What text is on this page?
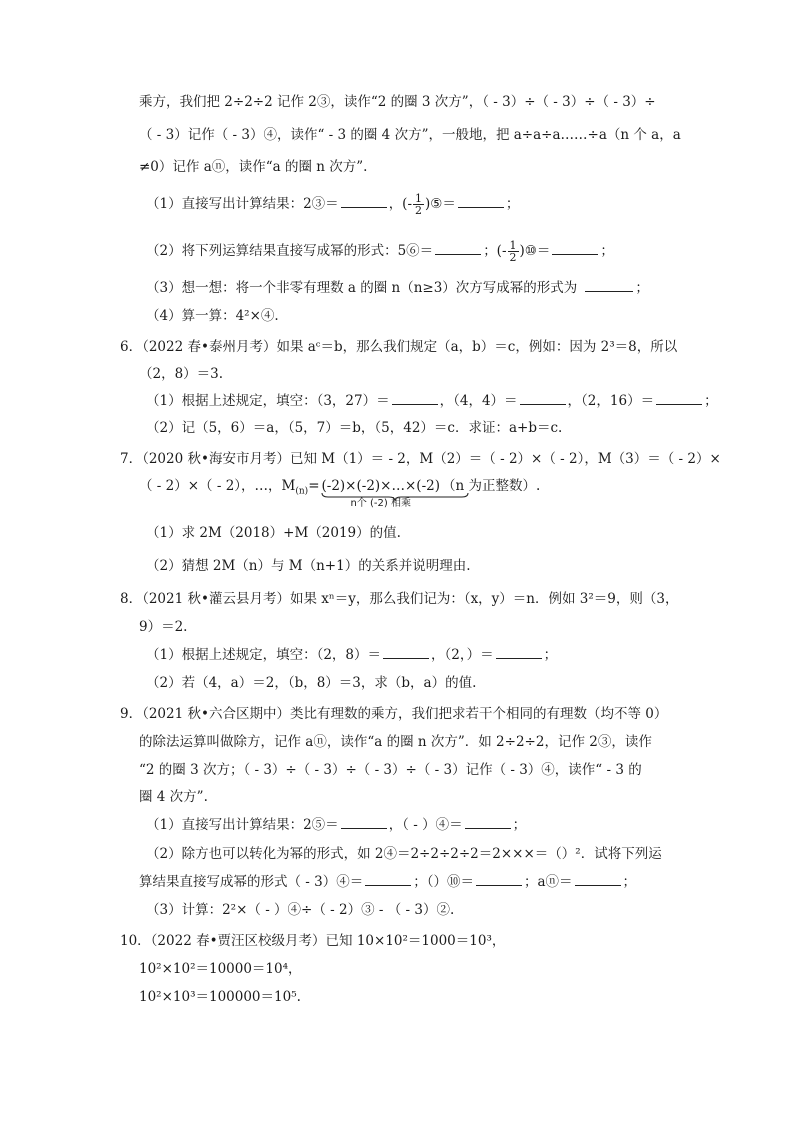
乘方，我们把 2÷2÷2 记作 2③，读作“2 的圈 3 次方”，（ - 3）÷（ - 3）÷（ - 3）÷
（ - 3）记作（ - 3）④，读作“ - 3 的圈 4 次方”，一般地，把 a÷a÷a……÷a（n 个 a，a
≠0）记作 aⓝ，读作“a 的圈 n 次方”.
（1）直接写出计算结果：2③＝	，(- $\frac{1}{2}$ )⑤＝	；
（2）将下列运算结果直接写成幂的形式：5⑥＝	；(- $\frac{1}{2}$ )⑩＝	；
（3）想一想：将一个非零有理数 a 的圈 n（n≥3）次方写成幂的形式为	；
（4）算一算：4²×④.
6．（2022 春•泰州月考）如果 aᶜ＝b，那么我们规定（a，b）＝c，例如：因为 2³＝8，所以
（2，8）＝3.
（1）根据上述规定，填空：（3，27）＝	，（4，4）＝	，（2，16）＝	；
（2）记（5，6）＝a，（5，7）＝b，（5，42）＝c．求证：a+b＝c.
7．（2020 秋•海安市月考）已知 M（1）＝ - 2，M（2）＝（ - 2）×（ - 2），M（3）＝（ - 2）×
（ - 2）×（ - 2），…，$M_{(n)}=$ (-2)×(-2)×…×(-2)
n个 (-2) 相乘
（n 为正整数）.
（1）求 2M（2018）+M（2019）的值.
（2）猜想 2M（n）与 M（n+1）的关系并说明理由.
8．（2021 秋•灌云县月考）如果 xⁿ＝y，那么我们记为：（x，y）＝n．例如 3²＝9，则（3，
9）＝2.
（1）根据上述规定，填空：（2，8）＝	，（2，）＝	；
（2）若（4，a）＝2，（b，8）＝3，求（b，a）的值.
9．（2021 秋•六合区期中）类比有理数的乘方，我们把求若干个相同的有理数（均不等 0）
的除法运算叫做除方，记作 aⓝ，读作“a 的圈 n 次方”．如 2÷2÷2，记作 2③，读作
“2 的圈 3 次方；（ - 3）÷（ - 3）÷（ - 3）÷（ - 3）记作（ - 3）④，读作“ - 3 的
圈 4 次方”.
（1）直接写出计算结果：2⑤＝	，（ - ）④＝	；
（2）除方也可以转化为幂的形式，如 2④＝2÷2÷2÷2＝2×××＝（）²．试将下列运
算结果直接写成幂的形式（ - 3）④＝	；（）⑩＝	；aⓝ＝	；
（3）计算：2²×（ - ）④÷（ - 2）③ - （ - 3）②.
10．（2022 春•贾汪区校级月考）已知 10×10²＝1000＝10³，
10²×10²＝10000＝10⁴，
10²×10³＝100000＝10⁵.
